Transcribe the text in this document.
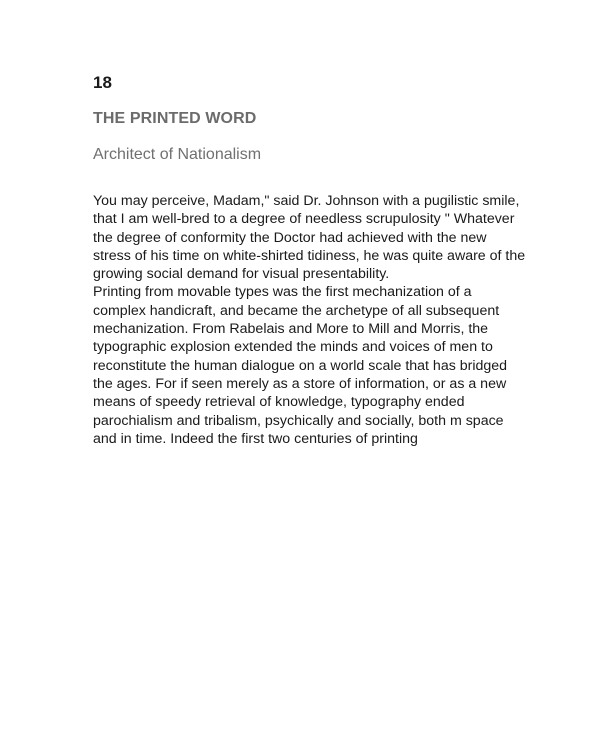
18
THE PRINTED WORD
Architect of Nationalism

You may perceive, Madam," said Dr. Johnson with a pugilistic smile,
that I am well-bred to a degree of needless scrupulosity " Whatever
the degree of conformity the Doctor had achieved with the new
stress of his time on white-shirted tidiness, he was quite aware of the
growing social demand for visual presentability.

Printing from movable types was the first mechanization of a
complex handicraft, and became the archetype of all subsequent
mechanization. From Rabelais and More to Mill and Morris, the
typographic explosion extended the minds and voices of men to
reconstitute the human dialogue on a world scale that has bridged
the ages. For if seen merely as a store of information, or as a new
means of speedy retrieval of knowledge, typography ended
parochialism and tribalism, psychically and socially, both m space
and in time. Indeed the first two centuries of printing
